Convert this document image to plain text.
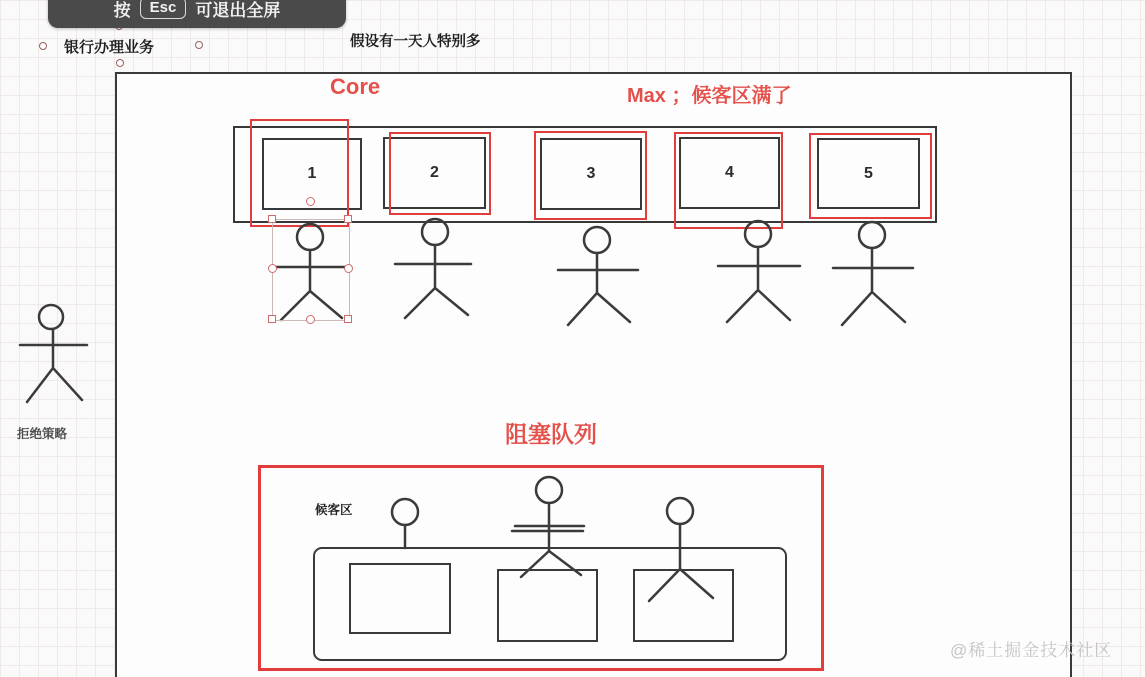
按	Esc	可退出全屏
银行办理业务	假设有一天人特别多
Core	Max ；候客区满了
1	2	3	4	5
阻塞队列
候客区
拒绝策略
@稀土掘金技术社区
